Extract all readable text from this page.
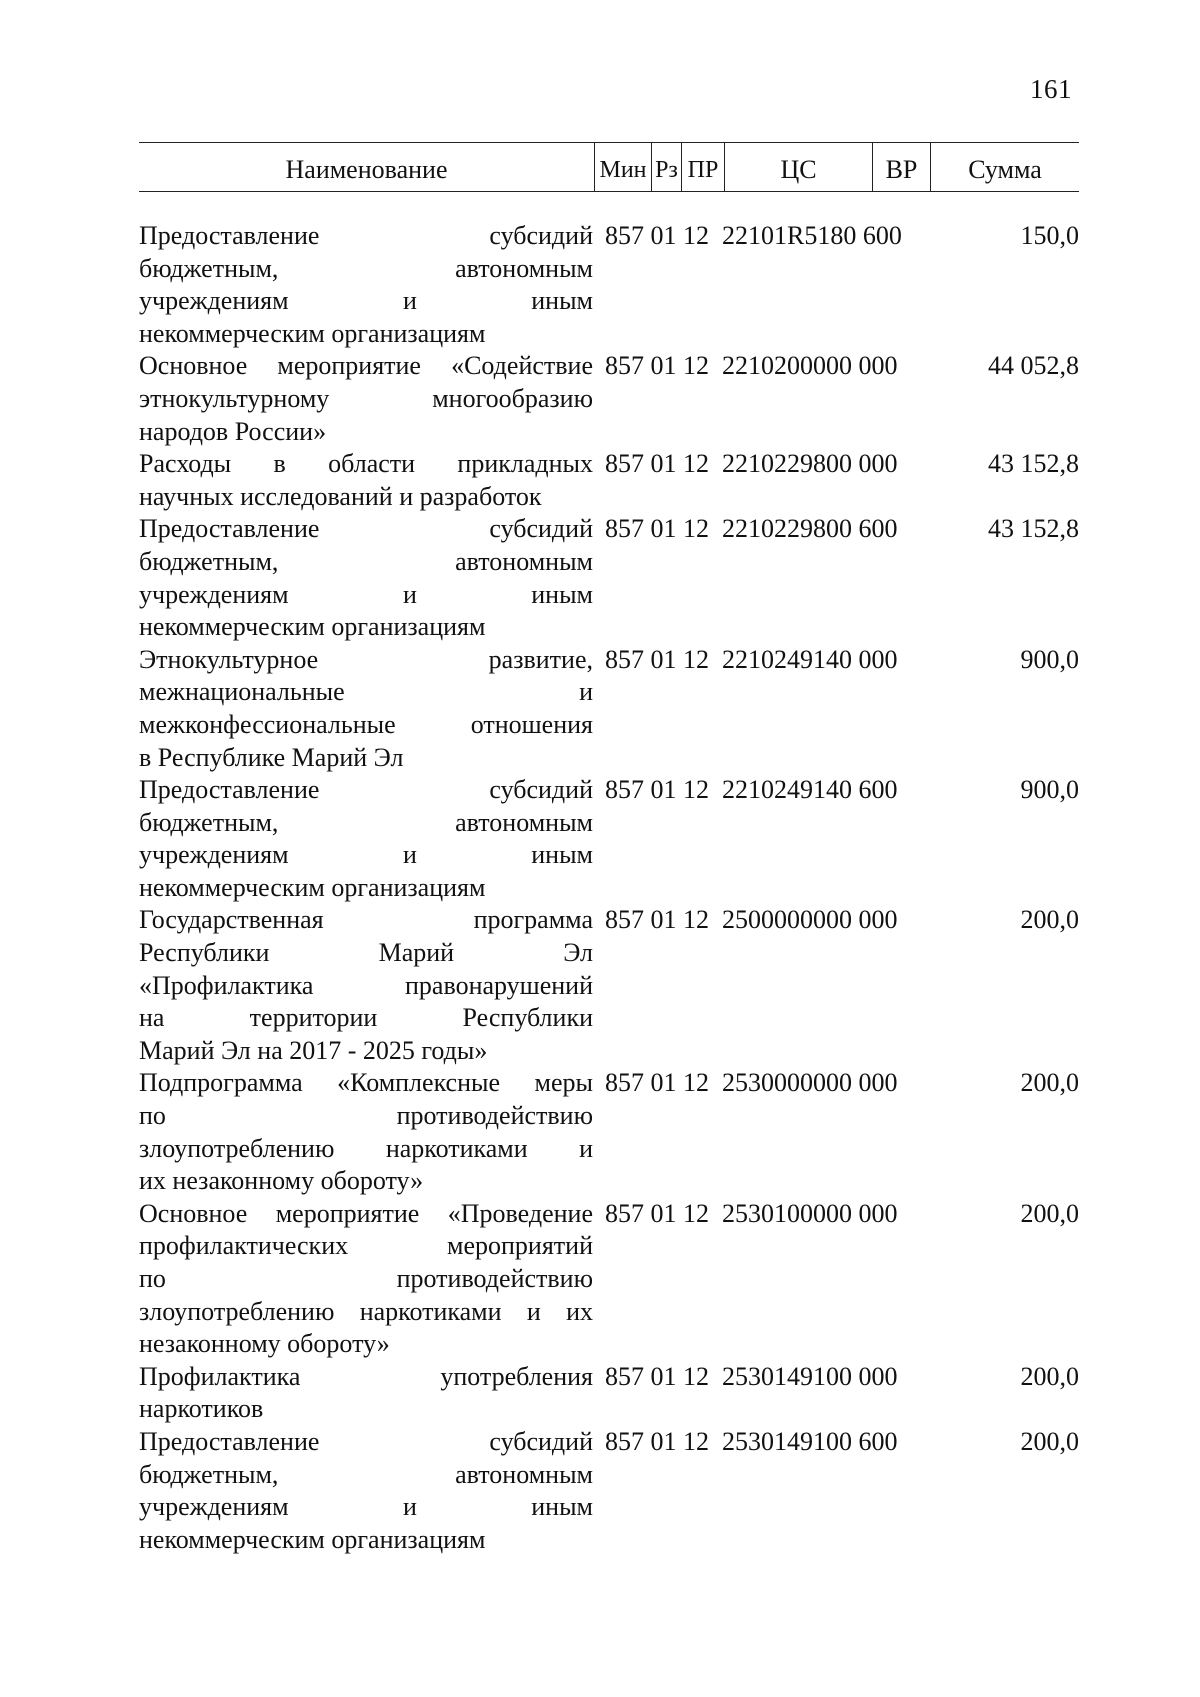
161
Наименование	Мин Рз ПР	ЦС	ВР	Сумма
Предоставление субсидий
бюджетным, автономным
учреждениям и иным
некоммерческим организациям
857 01 12 22101R5180 600	150,0
Основное мероприятие «Содействие
этнокультурному многообразию
народов России»
857 01 12 2210200000 000	44 052,8
Расходы в области прикладных
научных исследований и разработок
857 01 12 2210229800 000	43 152,8
Предоставление субсидий
бюджетным, автономным
учреждениям и иным
некоммерческим организациям
857 01 12 2210229800 600	43 152,8
Этнокультурное развитие,
межнациональные и
межконфессиональные отношения
в Республике Марий Эл
857 01 12 2210249140 000	900,0
Предоставление субсидий
бюджетным, автономным
учреждениям и иным
некоммерческим организациям
857 01 12 2210249140 600	900,0
Государственная программа
Республики Марий Эл
«Профилактика правонарушений
на территории Республики
Марий Эл на 2017 - 2025 годы»
857 01 12 2500000000 000	200,0
Подпрограмма «Комплексные меры
по противодействию
злоупотреблению наркотиками и
их незаконному обороту»
857 01 12 2530000000 000	200,0
Основное мероприятие «Проведение
профилактических мероприятий
по противодействию
злоупотреблению наркотиками и их
незаконному обороту»
857 01 12 2530100000 000	200,0
Профилактика употребления
наркотиков
857 01 12 2530149100 000	200,0
Предоставление субсидий
бюджетным, автономным
учреждениям и иным
некоммерческим организациям
857 01 12 2530149100 600	200,0
